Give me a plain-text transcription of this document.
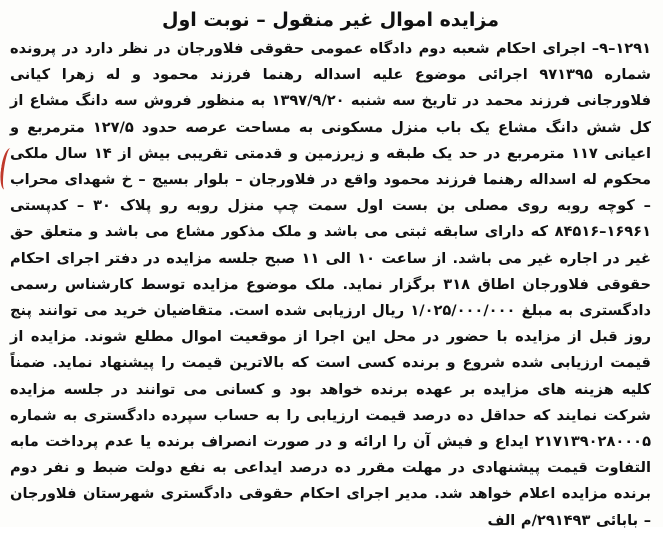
مزایده اموال غیر منقول – نوبت اول

۱۲۹۱–۹– اجرای احکام شعبه دوم دادگاه عمومی حقوقی فلاورجان در نظر دارد در پرونده شماره ۹۷۱۳۹۵ اجرائی موضوع علیه اسداله رهنما فرزند محمود و له زهرا کیانی فلاورجانی فرزند محمد در تاریخ سه شنبه ۱۳۹۷/۹/۲۰ به منظور فروش سه دانگ مشاع از کل شش دانگ مشاع یک باب منزل مسکونی به مساحت عرصه حدود ۱۲۷/۵ مترمربع و اعیانی ۱۱۷ مترمربع در حد یک طبقه و زیرزمین و قدمتی تقریبی بیش از ۱۴ سال ملکی محکوم له اسداله رهنما فرزند محمود واقع در فلاورجان – بلوار بسیج – خ شهدای محراب – کوچه روبه روی مصلی بن بست اول سمت چپ منزل روبه رو پلاک ۳۰ – کدپستی ۱۶۹۶۱–۸۴۵۱۶ که دارای سابقه ثبتی می باشد و ملک مذکور مشاع می باشد و متعلق حق غیر در اجاره غیر می باشد. از ساعت ۱۰ الی ۱۱ صبح جلسه مزایده در دفتر اجرای احکام حقوقی فلاورجان اطاق ۳۱۸ برگزار نماید. ملک موضوع مزایده توسط کارشناس رسمی دادگستری به مبلغ ۱/۰۲۵/۰۰۰/۰۰۰ ریال ارزیابی شده است. متقاضیان خرید می توانند پنج روز قبل از مزایده با حضور در محل این اجرا از موقعیت اموال مطلع شوند. مزایده از قیمت ارزیابی شده شروع و برنده کسی است که بالاترین قیمت را پیشنهاد نماید. ضمناً کلیه هزینه های مزایده بر عهده برنده خواهد بود و کسانی می توانند در جلسه مزایده شرکت نمایند که حداقل ده درصد قیمت ارزیابی را به حساب سپرده دادگستری به شماره ۲۱۷۱۳۹۰۲۸۰۰۰۵ ایداع و فیش آن را ارائه و در صورت انصراف برنده یا عدم پرداخت مابه التفاوت قیمت پیشنهادی در مهلت مقرر ده درصد ایداعی به نفع دولت ضبط و نفر دوم برنده مزایده اعلام خواهد شد. مدیر اجرای احکام حقوقی دادگستری شهرستان فلاورجان – بابائی ۲۹۱۴۹۳/م الف
